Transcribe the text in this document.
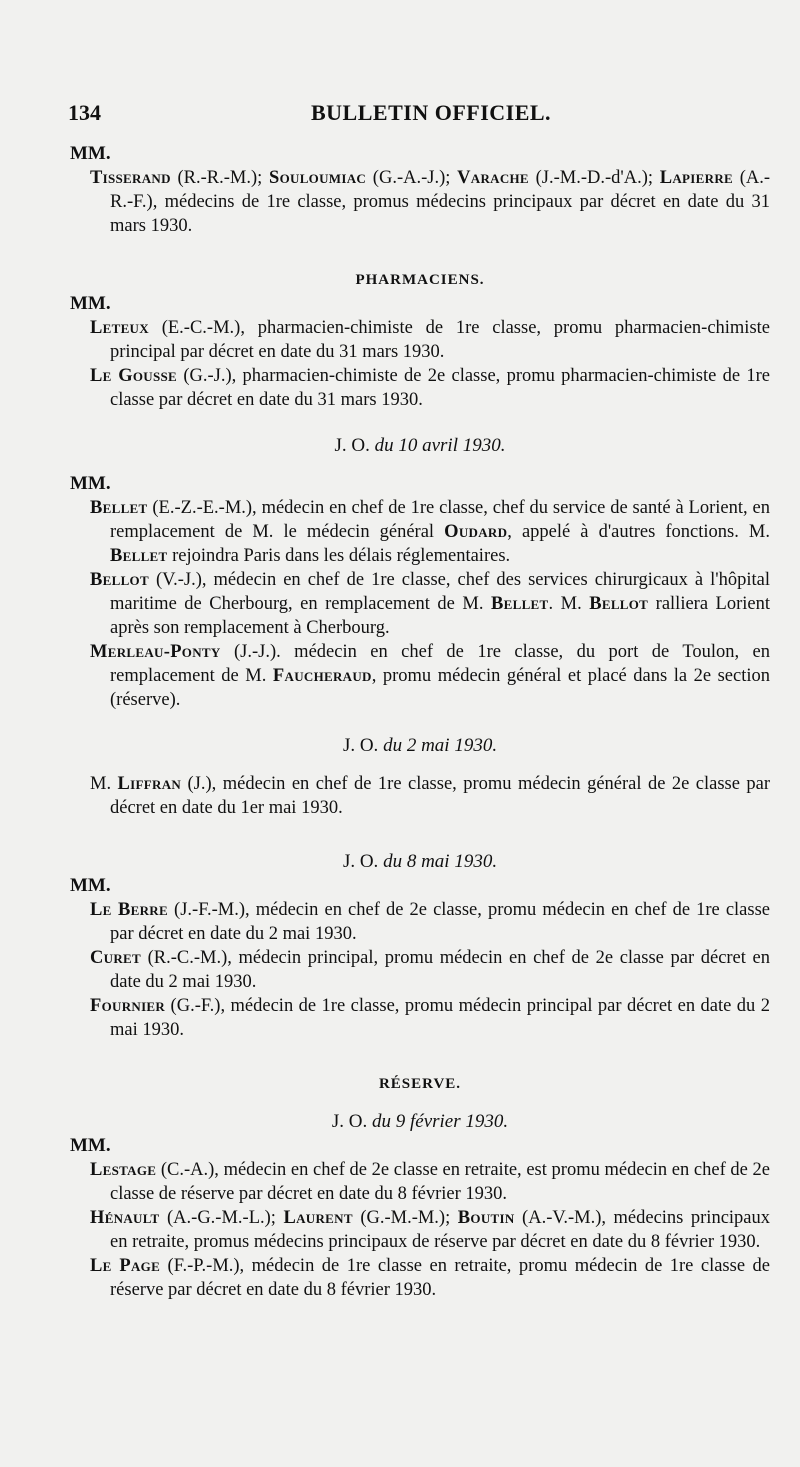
134	BULLETIN OFFICIEL.

MM.

Tisserand (R.-R.-M.); Souloumiac (G.-A.-J.); Varache (J.-M.-D.-d'A.); Lapierre (A.-R.-F.), médecins de 1re classe, promus médecins principaux par décret en date du 31 mars 1930.

PHARMACIENS.

MM.

Leteux (E.-C.-M.), pharmacien-chimiste de 1re classe, promu pharmacien-chimiste principal par décret en date du 31 mars 1930.

Le Gousse (G.-J.), pharmacien-chimiste de 2e classe, promu pharmacien-chimiste de 1re classe par décret en date du 31 mars 1930.

J. O. du 10 avril 1930.

MM.

Bellet (E.-Z.-E.-M.), médecin en chef de 1re classe, chef du service de santé à Lorient, en remplacement de M. le médecin général Oudard, appelé à d'autres fonctions. M. Bellet rejoindra Paris dans les délais réglementaires.

Bellot (V.-J.), médecin en chef de 1re classe, chef des services chirurgicaux à l'hôpital maritime de Cherbourg, en remplacement de M. Bellet. M. Bellot ralliera Lorient après son remplacement à Cherbourg.

Merleau-Ponty (J.-J.). médecin en chef de 1re classe, du port de Toulon, en remplacement de M. Faucheraud, promu médecin général et placé dans la 2e section (réserve).

J. O. du 2 mai 1930.

M. Liffran (J.), médecin en chef de 1re classe, promu médecin général de 2e classe par décret en date du 1er mai 1930.

J. O. du 8 mai 1930.

MM.

Le Berre (J.-F.-M.), médecin en chef de 2e classe, promu médecin en chef de 1re classe par décret en date du 2 mai 1930.

Curet (R.-C.-M.), médecin principal, promu médecin en chef de 2e classe par décret en date du 2 mai 1930.

Fournier (G.-F.), médecin de 1re classe, promu médecin principal par décret en date du 2 mai 1930.

RÉSERVE.

J. O. du 9 février 1930.

MM.

Lestage (C.-A.), médecin en chef de 2e classe en retraite, est promu médecin en chef de 2e classe de réserve par décret en date du 8 février 1930.

Hénault (A.-G.-M.-L.); Laurent (G.-M.-M.); Boutin (A.-V.-M.), médecins principaux en retraite, promus médecins principaux de réserve par décret en date du 8 février 1930.

Le Page (F.-P.-M.), médecin de 1re classe en retraite, promu médecin de 1re classe de réserve par décret en date du 8 février 1930.
